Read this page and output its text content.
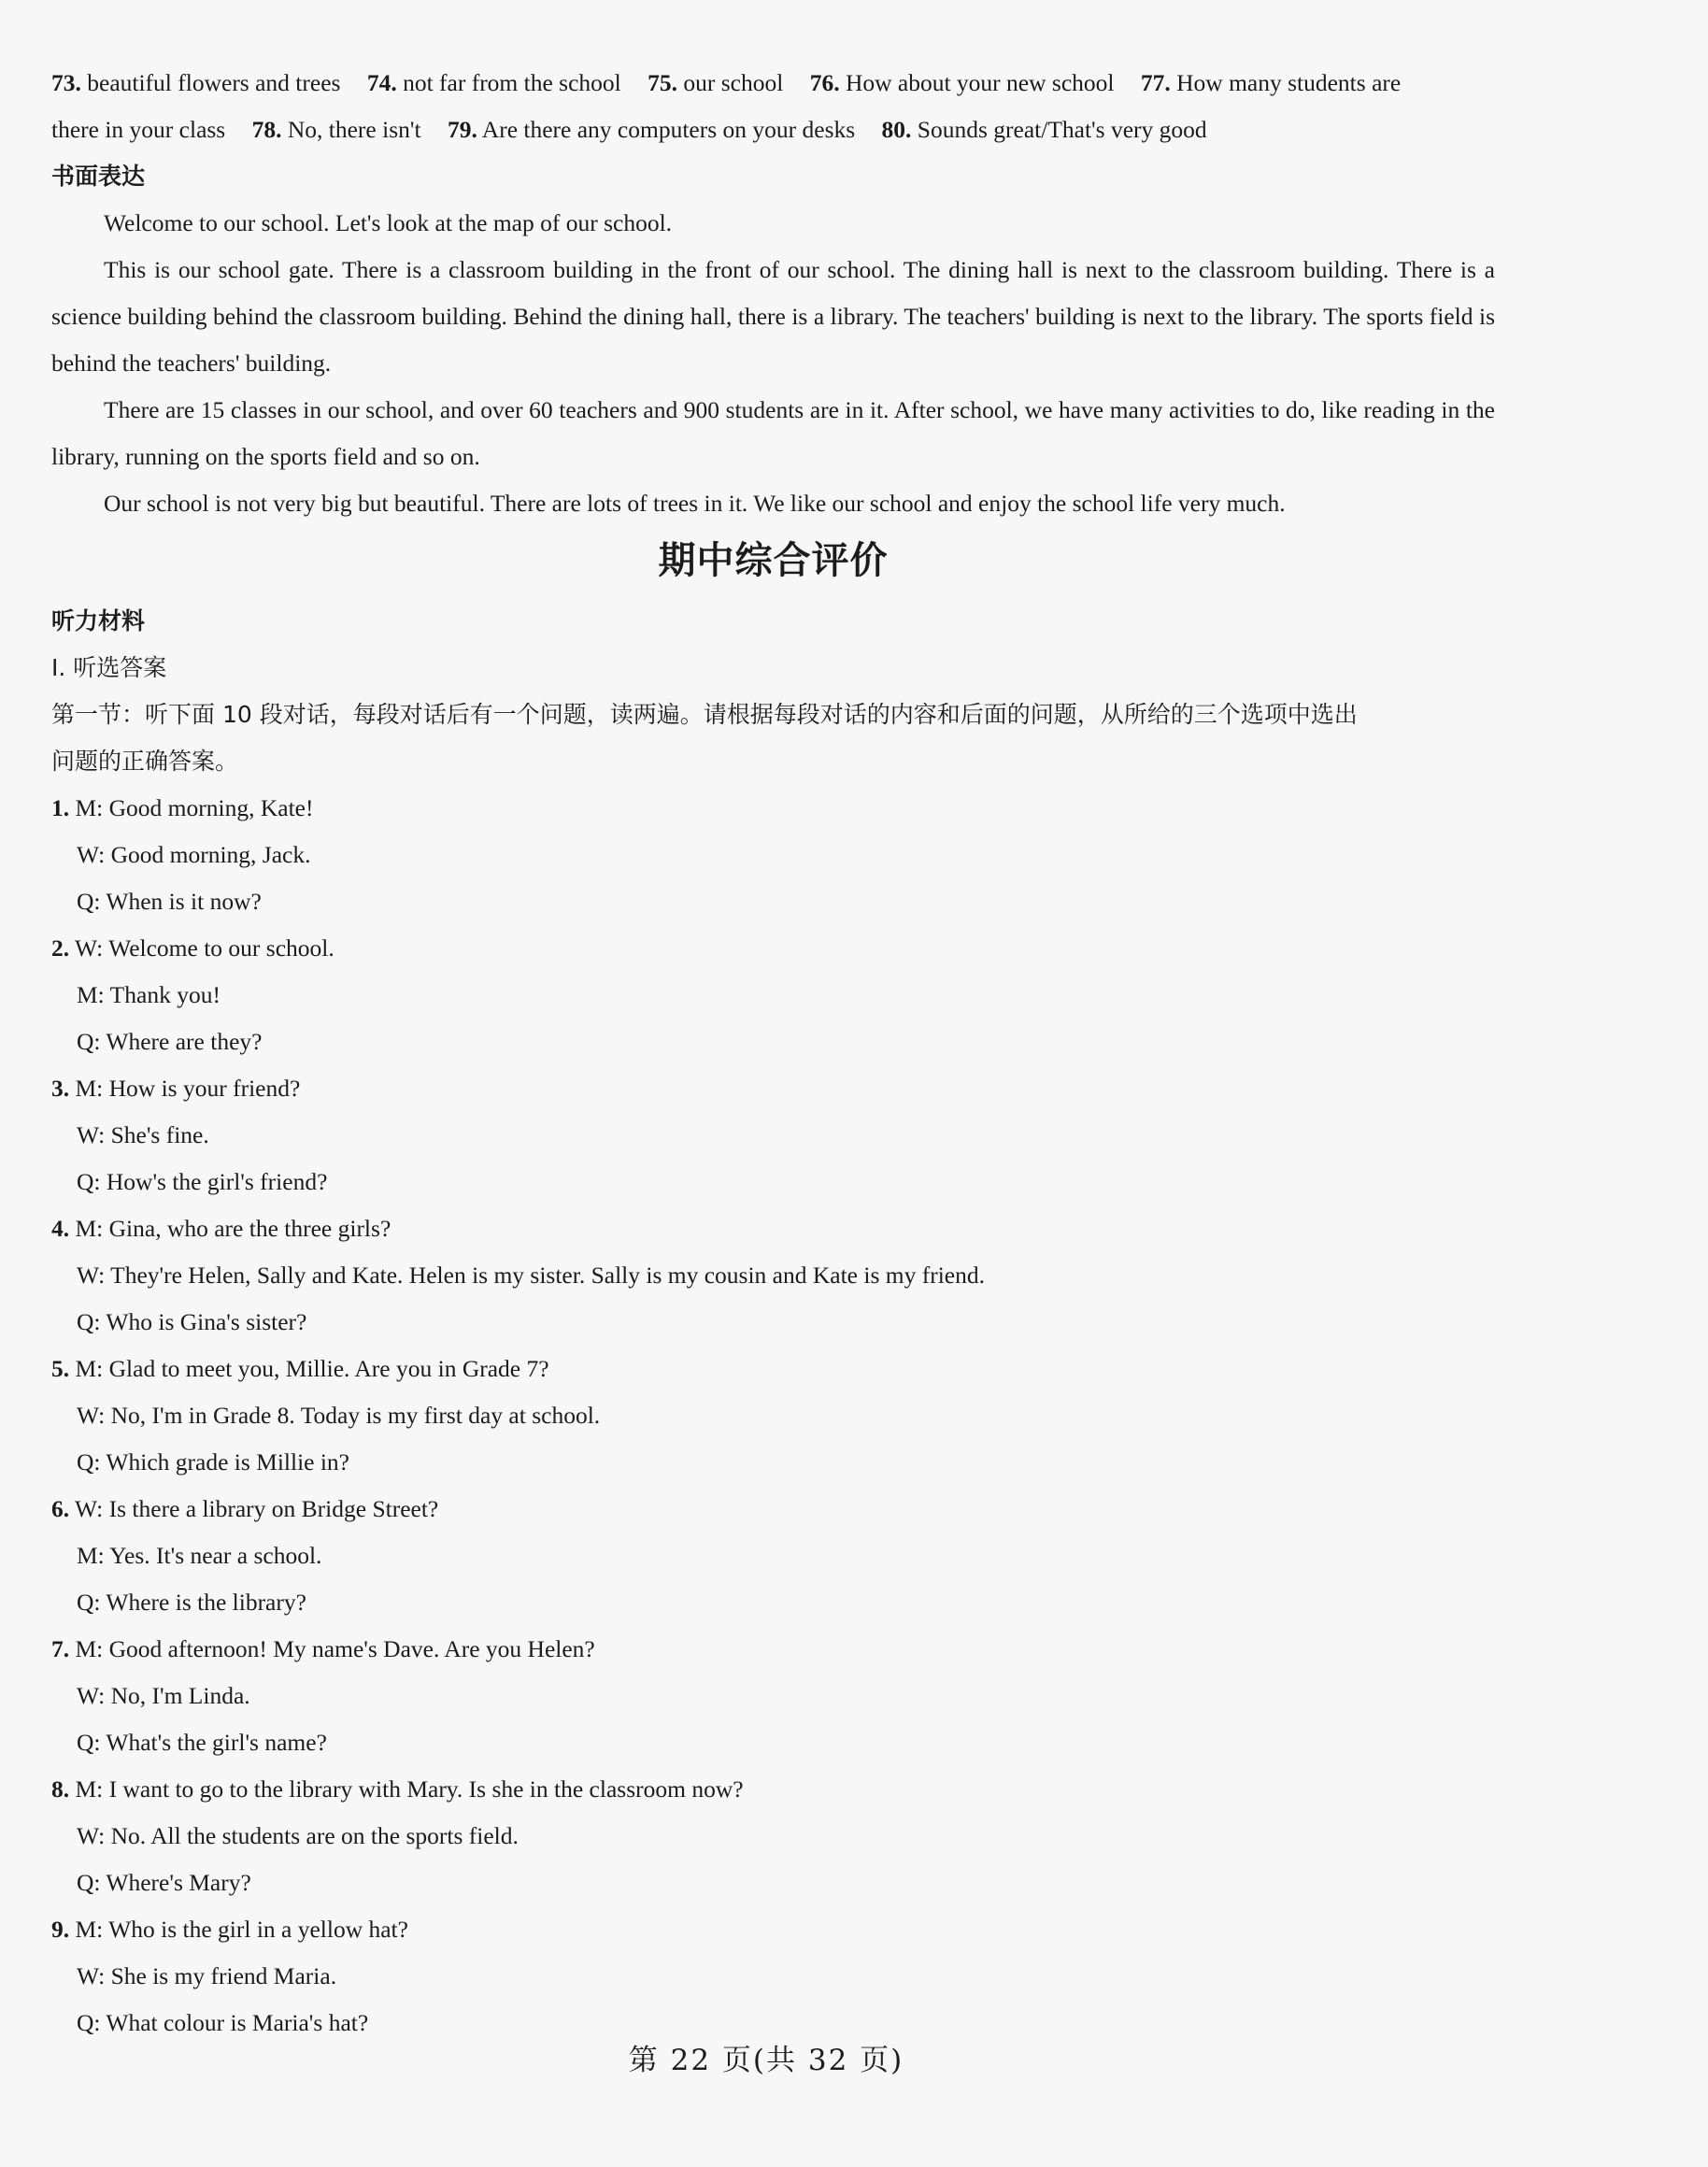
73. beautiful flowers and trees 74. not far from the school 75. our school 76. How about your new school 77. How many students are
there in your class 78. No, there isn't 79. Are there any computers on your desks 80. Sounds great/That's very good
书面表达
Welcome to our school. Let's look at the map of our school.
This is our school gate. There is a classroom building in the front of our school. The dining hall is next to the classroom building. There is a science building behind the classroom building. Behind the dining hall, there is a library. The teachers' building is next to the library. The sports field is behind the teachers' building.
There are 15 classes in our school, and over 60 teachers and 900 students are in it. After school, we have many activities to do, like reading in the library, running on the sports field and so on.
Our school is not very big but beautiful. There are lots of trees in it. We like our school and enjoy the school life very much.
期中综合评价
听力材料
Ⅰ. 听选答案
第一节：听下面 10 段对话，每段对话后有一个问题，读两遍。请根据每段对话的内容和后面的问题，从所给的三个选项中选出
问题的正确答案。
1. M: Good morning, Kate!
W: Good morning, Jack.
Q: When is it now?
2. W: Welcome to our school.
M: Thank you!
Q: Where are they?
3. M: How is your friend?
W: She's fine.
Q: How's the girl's friend?
4. M: Gina, who are the three girls?
W: They're Helen, Sally and Kate. Helen is my sister. Sally is my cousin and Kate is my friend.
Q: Who is Gina's sister?
5. M: Glad to meet you, Millie. Are you in Grade 7?
W: No, I'm in Grade 8. Today is my first day at school.
Q: Which grade is Millie in?
6. W: Is there a library on Bridge Street?
M: Yes. It's near a school.
Q: Where is the library?
7. M: Good afternoon! My name's Dave. Are you Helen?
W: No, I'm Linda.
Q: What's the girl's name?
8. M: I want to go to the library with Mary. Is she in the classroom now?
W: No. All the students are on the sports field.
Q: Where's Mary?
9. M: Who is the girl in a yellow hat?
W: She is my friend Maria.
Q: What colour is Maria's hat?
第 22 页(共 32 页)
